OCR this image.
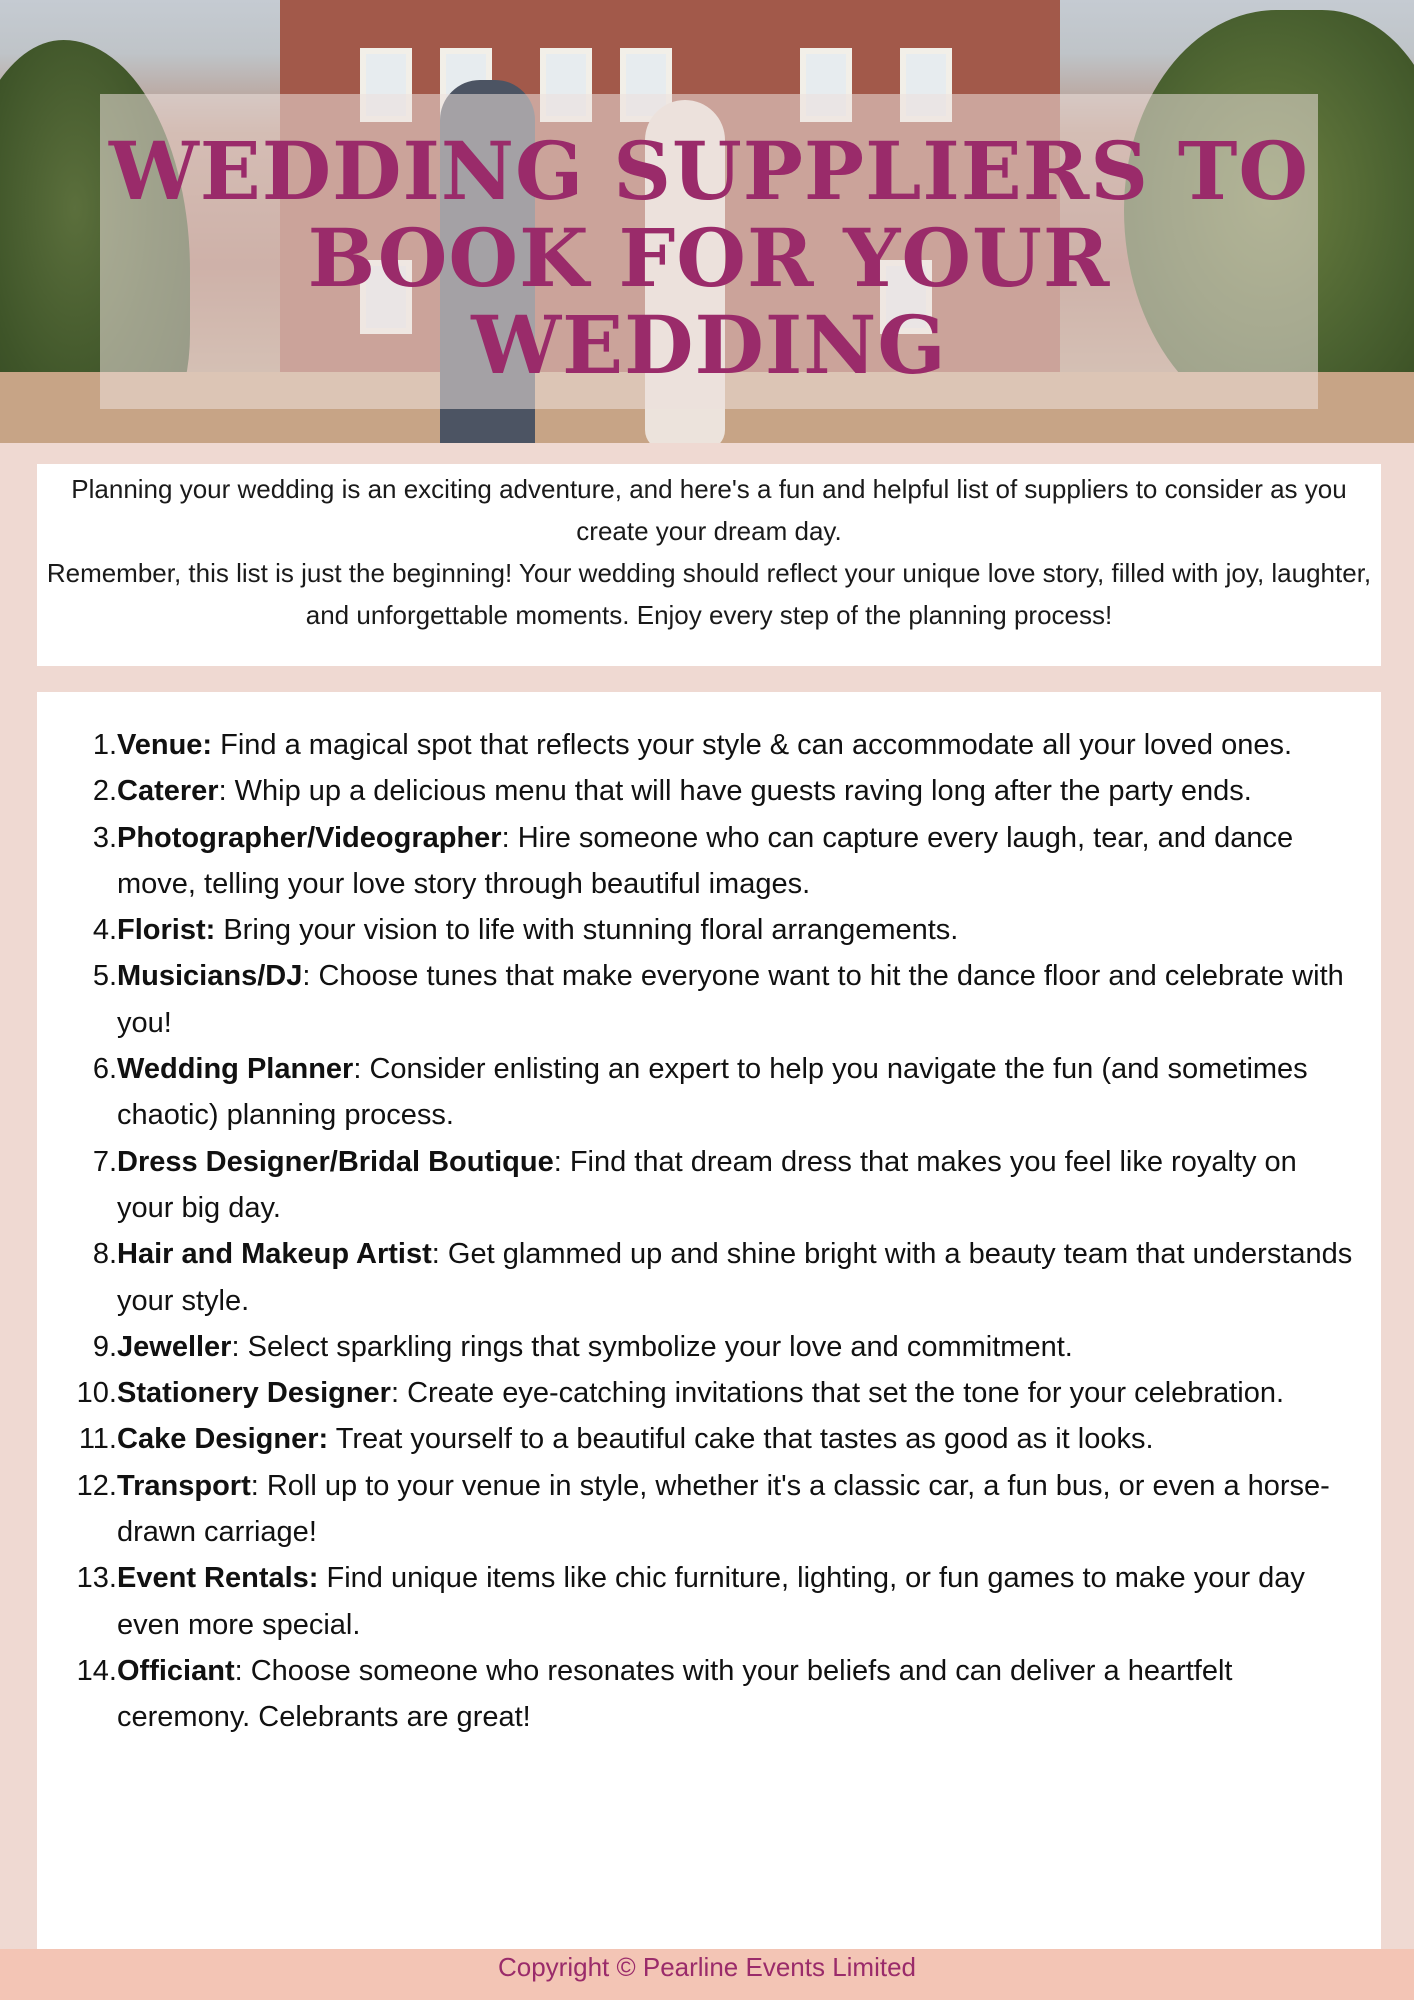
WEDDING SUPPLIERS TO BOOK FOR YOUR WEDDING

Planning your wedding is an exciting adventure, and here's a fun and helpful list of suppliers to consider as you create your dream day.

Remember, this list is just the beginning! Your wedding should reflect your unique love story, filled with joy, laughter, and unforgettable moments. Enjoy every step of the planning process!

1. Venue: Find a magical spot that reflects your style & can accommodate all your loved ones.
2. Caterer: Whip up a delicious menu that will have guests raving long after the party ends.
3. Photographer/Videographer: Hire someone who can capture every laugh, tear, and dance move, telling your love story through beautiful images.
4. Florist: Bring your vision to life with stunning floral arrangements.
5. Musicians/DJ: Choose tunes that make everyone want to hit the dance floor and celebrate with you!
6. Wedding Planner: Consider enlisting an expert to help you navigate the fun (and sometimes chaotic) planning process.
7. Dress Designer/Bridal Boutique: Find that dream dress that makes you feel like royalty on your big day.
8. Hair and Makeup Artist: Get glammed up and shine bright with a beauty team that understands your style.
9. Jeweller: Select sparkling rings that symbolize your love and commitment.
10. Stationery Designer: Create eye-catching invitations that set the tone for your celebration.
11. Cake Designer: Treat yourself to a beautiful cake that tastes as good as it looks.
12. Transport: Roll up to your venue in style, whether it's a classic car, a fun bus, or even a horse-drawn carriage!
13. Event Rentals: Find unique items like chic furniture, lighting, or fun games to make your day even more special.
14. Officiant: Choose someone who resonates with your beliefs and can deliver a heartfelt ceremony. Celebrants are great!
Copyright © Pearline Events Limited
